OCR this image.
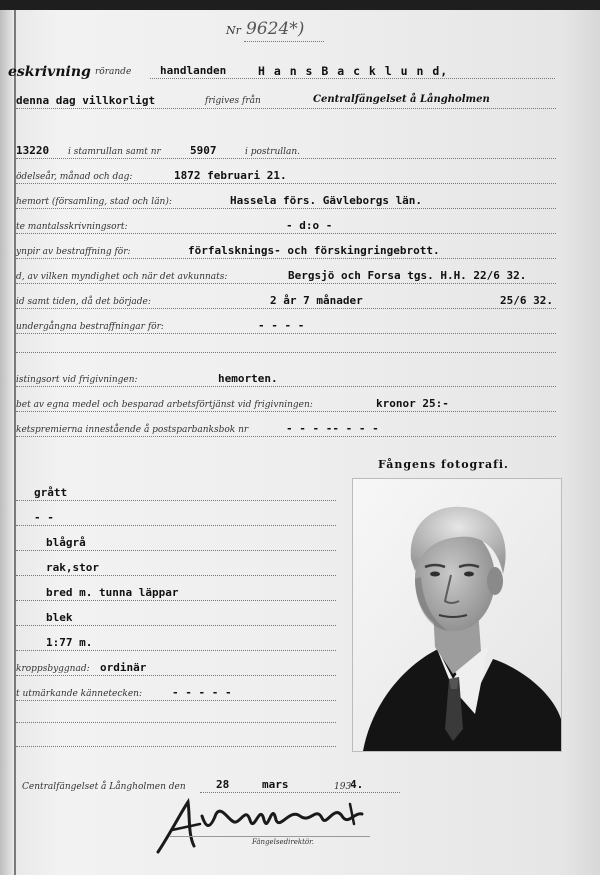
Nr 9624*)
eskrivning rörande	handlanden	H a n s B a c k l u n d,
denna dag villkorligt	frigives från	Centralfängelset å Långholmen
13220 i stamrullan samt nr	5907	i postrullan.
ödelseår, månad och dag:	1872 februari 21.
hemort (församling, stad och län):	Hassela förs. Gävleborgs län.
te mantalsskrivningsort:	- d:o -
ynpir av bestraffning för:	förfalsknings- och förskingringebrott.
d, av vilken myndighet och när det avkunnats:	Bergsjö och Forsa tgs. H.H. 22/6 32.
id samt tiden, då det började:	2 år 7 månader	25/6 32.
undergångna bestraffningar för:	- - - -
istingsort vid frigivningen:	hemorten.
bet av egna medel och besparad arbetsförtjänst vid frigivningen:	kronor 25:-
ketspremierna innestående å postsparbanksbok nr	- - - -- - - -
Fångens fotografi.
grått
- -
blågrå
rak,stor
bred m. tunna läppar
blek
1:77 m.
kroppsbyggnad: ordinär
t utmärkande kännetecken:	- - - - -
Centralfängelset å Långholmen den	28	mars	193
4.
Fängelsedirektör.
